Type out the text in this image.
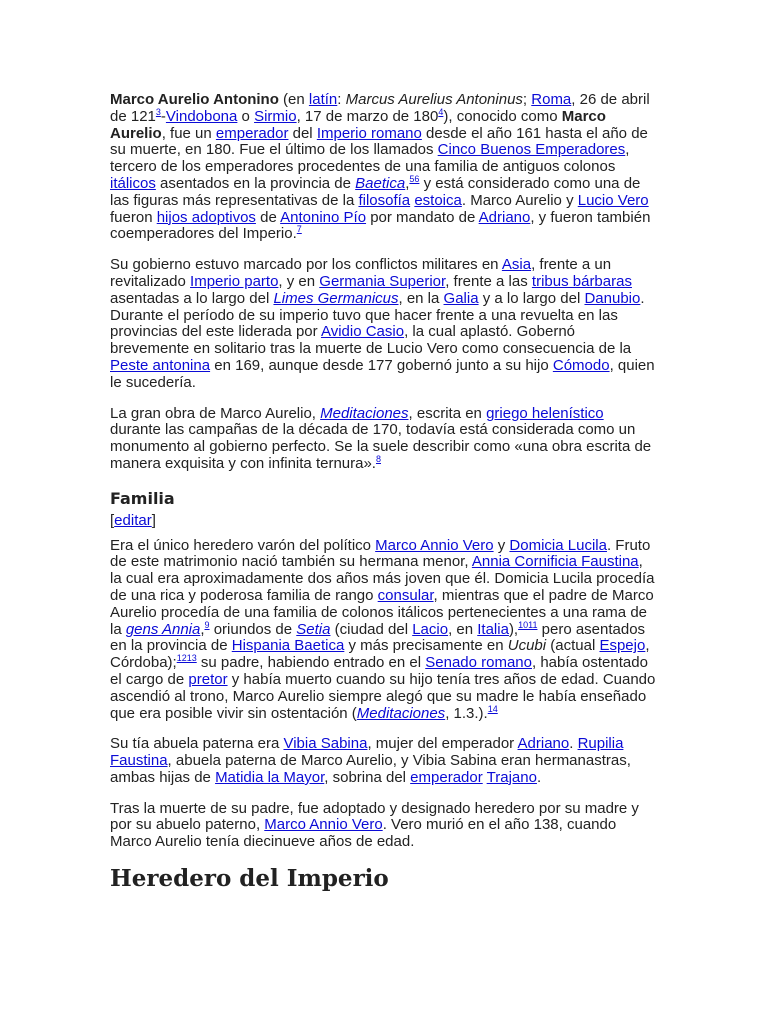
Marco Aurelio Antonino (en latín: Marcus Aurelius Antoninus; Roma, 26 de abril de 121$^3$-Vindobona o Sirmio, 17 de marzo de 180$^4$), conocido como Marco Aurelio, fue un emperador del Imperio romano desde el año 161 hasta el año de su muerte, en 180. Fue el último de los llamados Cinco Buenos Emperadores, tercero de los emperadores procedentes de una familia de antiguos colonos itálicos asentados en la provincia de Baetica,$^{56}$ y está considerado como una de las figuras más representativas de la filosofía estoica. Marco Aurelio y Lucio Vero fueron hijos adoptivos de Antonino Pío por mandato de Adriano, y fueron también coemperadores del Imperio.$^7$

Su gobierno estuvo marcado por los conflictos militares en Asia, frente a un revitalizado Imperio parto, y en Germania Superior, frente a las tribus bárbaras asentadas a lo largo del Limes Germanicus, en la Galia y a lo largo del Danubio. Durante el período de su imperio tuvo que hacer frente a una revuelta en las provincias del este liderada por Avidio Casio, la cual aplastó. Gobernó brevemente en solitario tras la muerte de Lucio Vero como consecuencia de la Peste antonina en 169, aunque desde 177 gobernó junto a su hijo Cómodo, quien le sucedería.

La gran obra de Marco Aurelio, Meditaciones, escrita en griego helenístico durante las campañas de la década de 170, todavía está considerada como un monumento al gobierno perfecto. Se la suele describir como «una obra escrita de manera exquisita y con infinita ternura».$^8$

Familia
[editar]

Era el único heredero varón del político Marco Annio Vero y Domicia Lucila. Fruto de este matrimonio nació también su hermana menor, Annia Cornificia Faustina, la cual era aproximadamente dos años más joven que él. Domicia Lucila procedía de una rica y poderosa familia de rango consular, mientras que el padre de Marco Aurelio procedía de una familia de colonos itálicos pertenecientes a una rama de la gens Annia,$^9$ oriundos de Setia (ciudad del Lacio, en Italia),$^{1011}$ pero asentados en la provincia de Hispania Baetica y más precisamente en Ucubi (actual Espejo, Córdoba);$^{1213}$ su padre, habiendo entrado en el Senado romano, había ostentado el cargo de pretor y había muerto cuando su hijo tenía tres años de edad. Cuando ascendió al trono, Marco Aurelio siempre alegó que su madre le había enseñado que era posible vivir sin ostentación (Meditaciones, 1.3.).$^{14}$

Su tía abuela paterna era Vibia Sabina, mujer del emperador Adriano. Rupilia Faustina, abuela paterna de Marco Aurelio, y Vibia Sabina eran hermanastras, ambas hijas de Matidia la Mayor, sobrina del emperador Trajano.

Tras la muerte de su padre, fue adoptado y designado heredero por su madre y por su abuelo paterno, Marco Annio Vero. Vero murió en el año 138, cuando Marco Aurelio tenía diecinueve años de edad.

Heredero del Imperio
